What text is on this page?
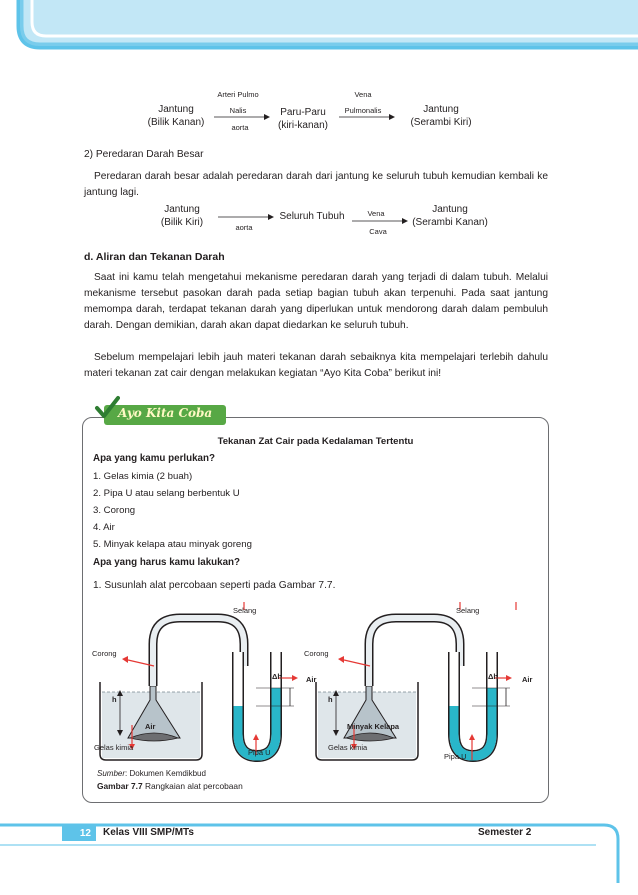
Jantung
(Bilik Kanan)
Arteri Pulmo
Nalis
aorta
Paru-Paru
(kiri-kanan)
Vena
Pulmonalis	Jantung
(Serambi Kiri)
2) Peredaran Darah Besar
Peredaran darah besar adalah peredaran darah dari jantung ke seluruh tubuh kemudian kembali ke jantung lagi.
Jantung
(Bilik Kiri)	aorta
Seluruh Tubuh	Vena
Cava
Jantung
(Serambi Kanan)
d. Aliran dan Tekanan Darah
Saat ini kamu telah mengetahui mekanisme peredaran darah yang terjadi di dalam tubuh. Melalui mekanisme tersebut pasokan darah pada setiap bagian tubuh akan terpenuhi. Pada saat jantung memompa darah, terdapat tekanan darah yang diperlukan untuk mendorong darah dalam pembuluh darah. Dengan demikian, darah akan dapat diedarkan ke seluruh tubuh.
Sebelum mempelajari lebih jauh materi tekanan darah sebaiknya kita mempelajari terlebih dahulu materi tekanan zat cair dengan melakukan kegiatan “Ayo Kita Coba” berikut ini!
Ayo Kita Coba
Tekanan Zat Cair pada Kedalaman Tertentu
Apa yang kamu perlukan?
1. Gelas kimia (2 buah)
2. Pipa U atau selang berbentuk U
3. Corong
4. Air
5. Minyak kelapa atau minyak goreng
Apa yang harus kamu lakukan?
1. Susunlah alat percobaan seperti pada Gambar 7.7.
Selang
Corong
h
Δh	Air
Air
Gelas kimia
Pipa U
Selang
Corong
h
Δh	Air
Minyak Kelapa
Gelas kimia
Pipa U
Sumber: Dokumen Kemdikbud
Gambar 7.7 Rangkaian alat percobaan
12	Kelas VIII SMP/MTs	Semester 2
